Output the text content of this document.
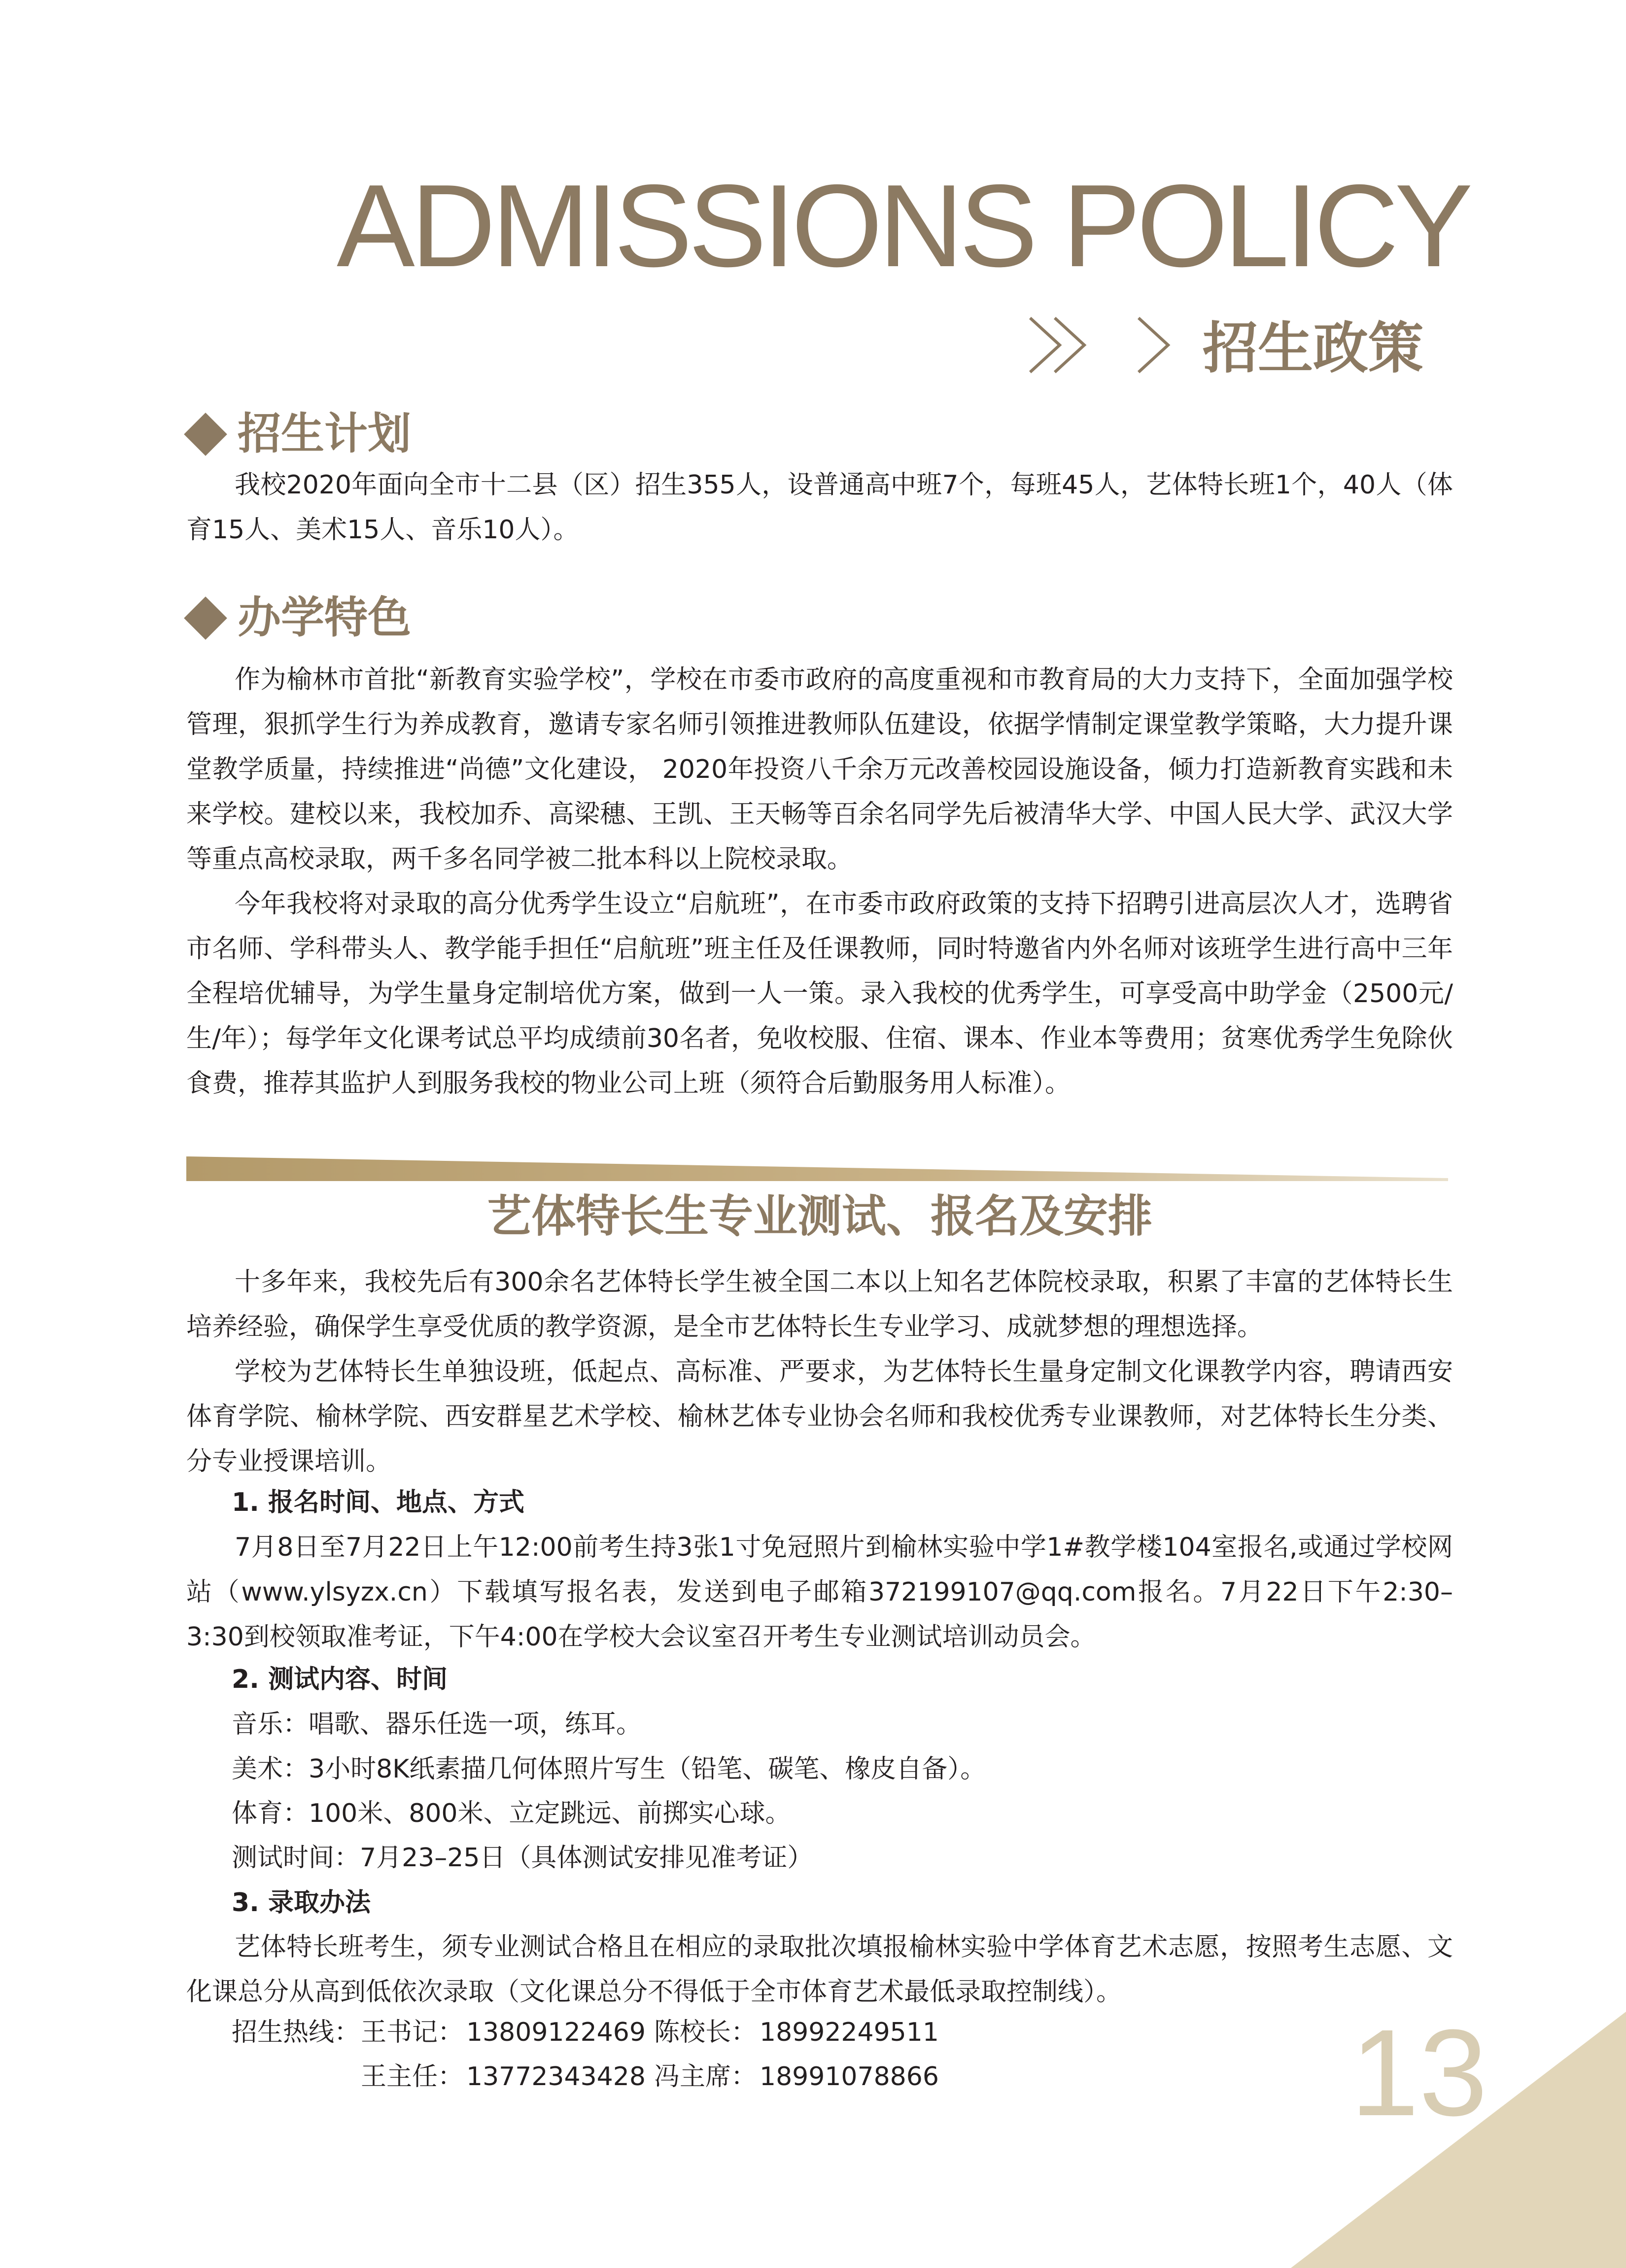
ADMISSIONS POLICY
招生政策
招生计划

我校2020年面向全市十二县（区）招生355人，设普通高中班7个，每班45人，艺体特长班1个，40人（体育15人、美术15人、音乐10人）。

办学特色

作为榆林市首批“新教育实验学校”，学校在市委市政府的高度重视和市教育局的大力支持下，全面加强学校管理，狠抓学生行为养成教育，邀请专家名师引领推进教师队伍建设，依据学情制定课堂教学策略，大力提升课堂教学质量，持续推进“尚德”文化建设， 2020年投资八千余万元改善校园设施设备，倾力打造新教育实践和未来学校。建校以来，我校加乔、高梁穗、王凯、王天畅等百余名同学先后被清华大学、中国人民大学、武汉大学等重点高校录取，两千多名同学被二批本科以上院校录取。

今年我校将对录取的高分优秀学生设立“启航班”，在市委市政府政策的支持下招聘引进高层次人才，选聘省市名师、学科带头人、教学能手担任“启航班”班主任及任课教师，同时特邀省内外名师对该班学生进行高中三年全程培优辅导，为学生量身定制培优方案，做到一人一策。录入我校的优秀学生，可享受高中助学金（2500元/生/年）；每学年文化课考试总平均成绩前30名者，免收校服、住宿、课本、作业本等费用；贫寒优秀学生免除伙食费，推荐其监护人到服务我校的物业公司上班（须符合后勤服务用人标准）。

艺体特长生专业测试、报名及安排

十多年来，我校先后有300余名艺体特长学生被全国二本以上知名艺体院校录取，积累了丰富的艺体特长生培养经验，确保学生享受优质的教学资源，是全市艺体特长生专业学习、成就梦想的理想选择。

学校为艺体特长生单独设班，低起点、高标准、严要求，为艺体特长生量身定制文化课教学内容，聘请西安体育学院、榆林学院、西安群星艺术学校、榆林艺体专业协会名师和我校优秀专业课教师，对艺体特长生分类、分专业授课培训。

1. 报名时间、地点、方式

7月8日至7月22日上午12:00前考生持3张1寸免冠照片到榆林实验中学1#教学楼104室报名,或通过学校网站（www.ylsyzx.cn）下载填写报名表，发送到电子邮箱372199107@qq.com报名。7月22日下午2:30–3:30到校领取准考证，下午4:00在学校大会议室召开考生专业测试培训动员会。

2. 测试内容、时间
音乐：唱歌、器乐任选一项，练耳。
美术：3小时8K纸素描几何体照片写生（铅笔、碳笔、橡皮自备）。
体育：100米、800米、立定跳远、前掷实心球。
测试时间：7月23–25日（具体测试安排见准考证）
3. 录取办法

艺体特长班考生，须专业测试合格且在相应的录取批次填报榆林实验中学体育艺术志愿，按照考生志愿、文化课总分从高到低依次录取（文化课总分不得低于全市体育艺术最低录取控制线）。

招生热线：王书记： 13809122469 陈校长： 18992249511
王主任： 13772343428 冯主席： 18991078866	13
